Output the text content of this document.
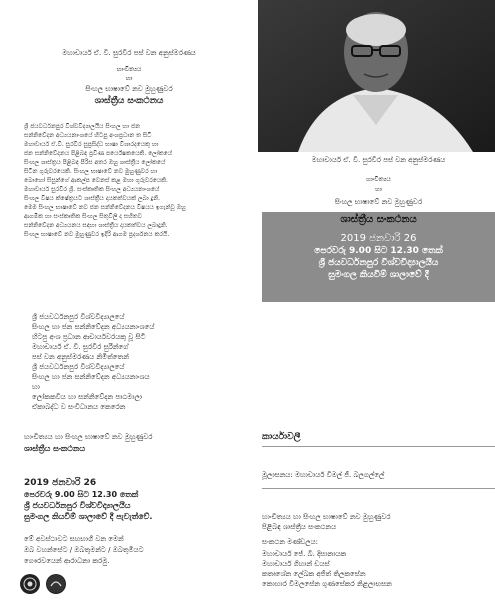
මහාචාර්ය ඒ. වී. සුරවීර පස් වන අනුස්මරණය
හාංචිත්‍යය
හා
සිංහල භාෂාවේ නව මුහුණුවර
ශාස්ත්‍රීය සංකථනය
ශ්‍රී ජයවර්ධනපුර විශ්වවිද්‍යාලයීය සිංහල හා ජන
සන්නිවේදන අධ්‍යයනාංශයේ හිටපු අංශප්‍රධාන ත සිටි
මහාචාර්ය ඒ.වී. සුරවීර සුප්‍රසිද්ධ භාෂා විශාරදයෙකු හා
ජන සන්නිවේදනය පිළිබඳ ප්‍රවීණ පර්යේෂකයෙකි. ලෝකයේ
සිංහල ශාස්ත්‍රය පිළිබඳ පිරිස අතර ඔහු ශාස්ත්‍රීය ලෝකයේ
සිටින ගුරුවරයෙකි. සිංහල භාෂාවේ නව මුහුණුවර හා
බොහෝ සිසුන්ගේ ආකල්ප වෙනස් කළ මහා ගුරුවරයෙකි.
මහාචාර්ය සුරවීර ශ්‍රී. සංස්කෘතික සිංහල අධ්‍යයනාංශයේ
සිංහල විෂය ක්ෂේත්‍රයට ශාස්ත්‍රීය දායකත්වයක් ලබා දුනි.
මෙම සිංහල භාෂාවේ නව ජන සන්නිවේදනය විෂයය ඉගැන්වූ ඔහු
ආගමික හා සංස්කෘතික සිංහල සිතුවිලි ද සහිතව
සන්නිවේදන අධ්‍යයනය සඳහා ශාස්ත්‍රීය දායකත්වය ලබාදුනි.
සිංහල භාෂාවේ නව මුහුණුවර ඉදිරි ආගම ප්‍රදර්ශනය කරයි.
ශ්‍රී ජයවර්ධනපුර විශ්වවිද්‍යාලයේ
සිංහල හා ජන සන්නිවේදන අධ්‍යයනාංශයේ
හිටපු අංශ ප්‍රධාන ආචාර්යවරයකු වූ සිටි
මහාචාර්ය ඒ. වී. සුරවීර සුරින්ගේ
පස් වන අනුස්මරණය නිමිත්තෙන්
ශ්‍රී ජයවර්ධනපුර විශ්වවිද්‍යාලයේ
සිංහල හා ජන සන්නිවේදන අධ්‍යයනාංශය
හා
ලෝකකවිය හා සන්නිවේදන පාඨමාලා
ඒකාබද්ධ ව සංවිධානය කෙරෙන
හාංචිත්‍යය හා සිංහල භාෂාවේ නව මුහුණුවර
ශාස්ත්‍රීය සංකථනය
2019 ජනවාරි 26
පෙරවරු 9.00 සිට 12.30 තෙක්
ශ්‍රී ජයවර්ධනපුර විශ්වවිද්‍යාලයීය
සුමංගල කියවීම් ශාලාවේ දී පැවැත්වේ.
මේ අවස්ථාවට සහභාගී වන මෙන්
ඔබ වහන්සේට / ඔබතුමන්ට / ඔබතුමියට
ගෞරවයෙන් ආරාධනා කරමු.
මහාචාර්ය ඒ. වී. සුරවීර පස් වන අනුස්මරණය
හාංචිත්‍යය
හා
සිංහල භාෂාවේ නව මුහුණුවර
ශාස්ත්‍රීය සංකථනය
2019 ජනවාරි 26
පෙරවරු 9.00 සිට 12.30 තෙක්
ශ්‍රී ජයවර්ධනපුර විශ්වවිද්‍යාලයීය
සුමංගල කියවීම් ශාලාවේ දී
කාර්යාවලී
මූලාසනය: මහාචාර්ය විමල් ජී. බලගල්ලේ
හාංචිත්‍යය හා සිංහල භාෂාවේ නව මුහුණුවර
පිළිබඳ ශාස්ත්‍රීය සංකථනය
සංකථන මණ්ඩලය:
මහාචාර්ය ජේ. බී. දිසානායක
මහාචාර්ය ගිහාන් ඩයස්
කතෘශේන ලේඛක අජිත් තිලකසේන
කොහාර විමලසේන ගුණසේකර නිළලාභසන
